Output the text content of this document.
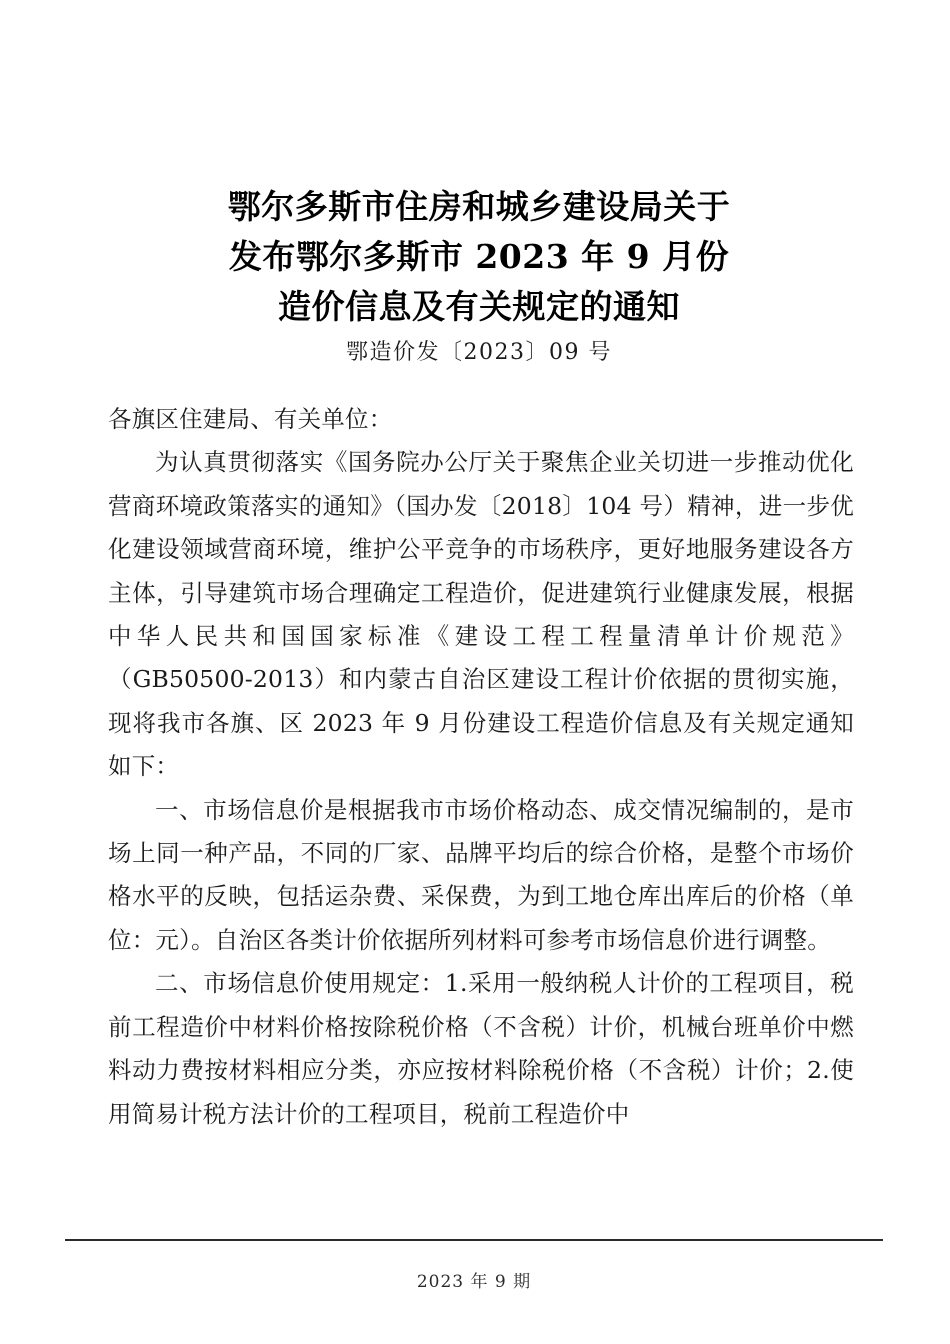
鄂尔多斯市住房和城乡建设局关于
发布鄂尔多斯市 2023 年 9 月份
造价信息及有关规定的通知
鄂造价发〔2023〕09 号

各旗区住建局、有关单位：

为认真贯彻落实《国务院办公厅关于聚焦企业关切进一步推动优化营商环境政策落实的通知》（国办发〔2018〕104 号）精神，进一步优化建设领域营商环境，维护公平竞争的市场秩序，更好地服务建设各方主体，引导建筑市场合理确定工程造价，促进建筑行业健康发展，根据中华人民共和国国家标准《建设工程工程量清单计价规范》（GB50500-2013）和内蒙古自治区建设工程计价依据的贯彻实施，现将我市各旗、区 2023 年 9 月份建设工程造价信息及有关规定通知如下：

一、市场信息价是根据我市市场价格动态、成交情况编制的，是市场上同一种产品，不同的厂家、品牌平均后的综合价格，是整个市场价格水平的反映，包括运杂费、采保费，为到工地仓库出库后的价格（单位：元）。自治区各类计价依据所列材料可参考市场信息价进行调整。

二、市场信息价使用规定：1.采用一般纳税人计价的工程项目，税前工程造价中材料价格按除税价格（不含税）计价，机械台班单价中燃料动力费按材料相应分类，亦应按材料除税价格（不含税）计价；2.使用简易计税方法计价的工程项目，税前工程造价中

2023 年 9 期
